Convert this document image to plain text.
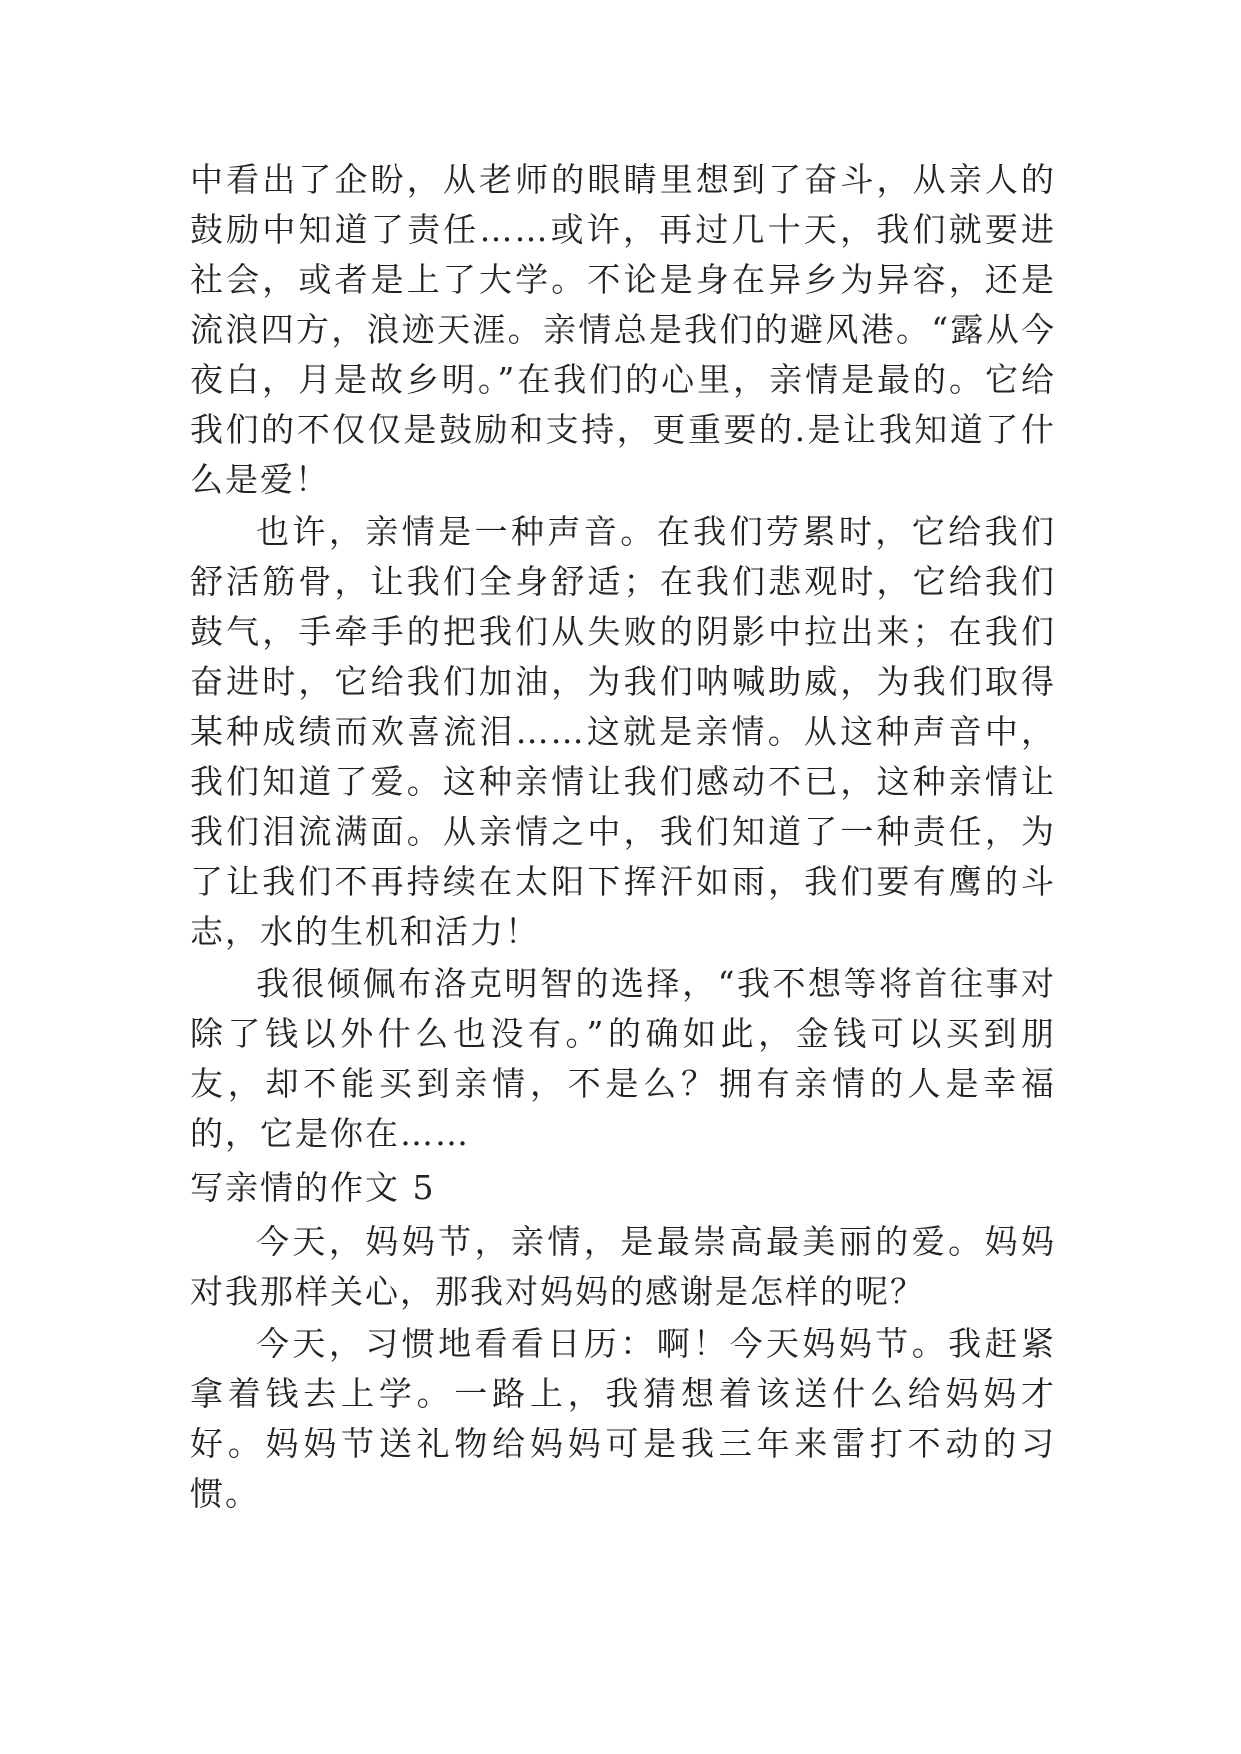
中看出了企盼，从老师的眼睛里想到了奋斗，从亲人的鼓励中知道了责任……或许，再过几十天，我们就要进社会，或者是上了大学。不论是身在异乡为异容，还是流浪四方，浪迹天涯。亲情总是我们的避风港。“露从今夜白，月是故乡明。”在我们的心里，亲情是最的。它给我们的不仅仅是鼓励和支持，更重要的.是让我知道了什么是爱！

也许，亲情是一种声音。在我们劳累时，它给我们舒活筋骨，让我们全身舒适；在我们悲观时，它给我们鼓气，手牵手的把我们从失败的阴影中拉出来；在我们奋进时，它给我们加油，为我们呐喊助威，为我们取得某种成绩而欢喜流泪……这就是亲情。从这种声音中，我们知道了爱。这种亲情让我们感动不已，这种亲情让我们泪流满面。从亲情之中，我们知道了一种责任，为了让我们不再持续在太阳下挥汗如雨，我们要有鹰的斗志，水的生机和活力！

我很倾佩布洛克明智的选择，“我不想等将首往事对除了钱以外什么也没有。”的确如此，金钱可以买到朋友，却不能买到亲情，不是么？拥有亲情的人是幸福的，它是你在……

写亲情的作文 5

今天，妈妈节，亲情，是最崇高最美丽的爱。妈妈对我那样关心，那我对妈妈的感谢是怎样的呢？

今天，习惯地看看日历：啊！今天妈妈节。我赶紧拿着钱去上学。一路上，我猜想着该送什么给妈妈才好。妈妈节送礼物给妈妈可是我三年来雷打不动的习惯。
